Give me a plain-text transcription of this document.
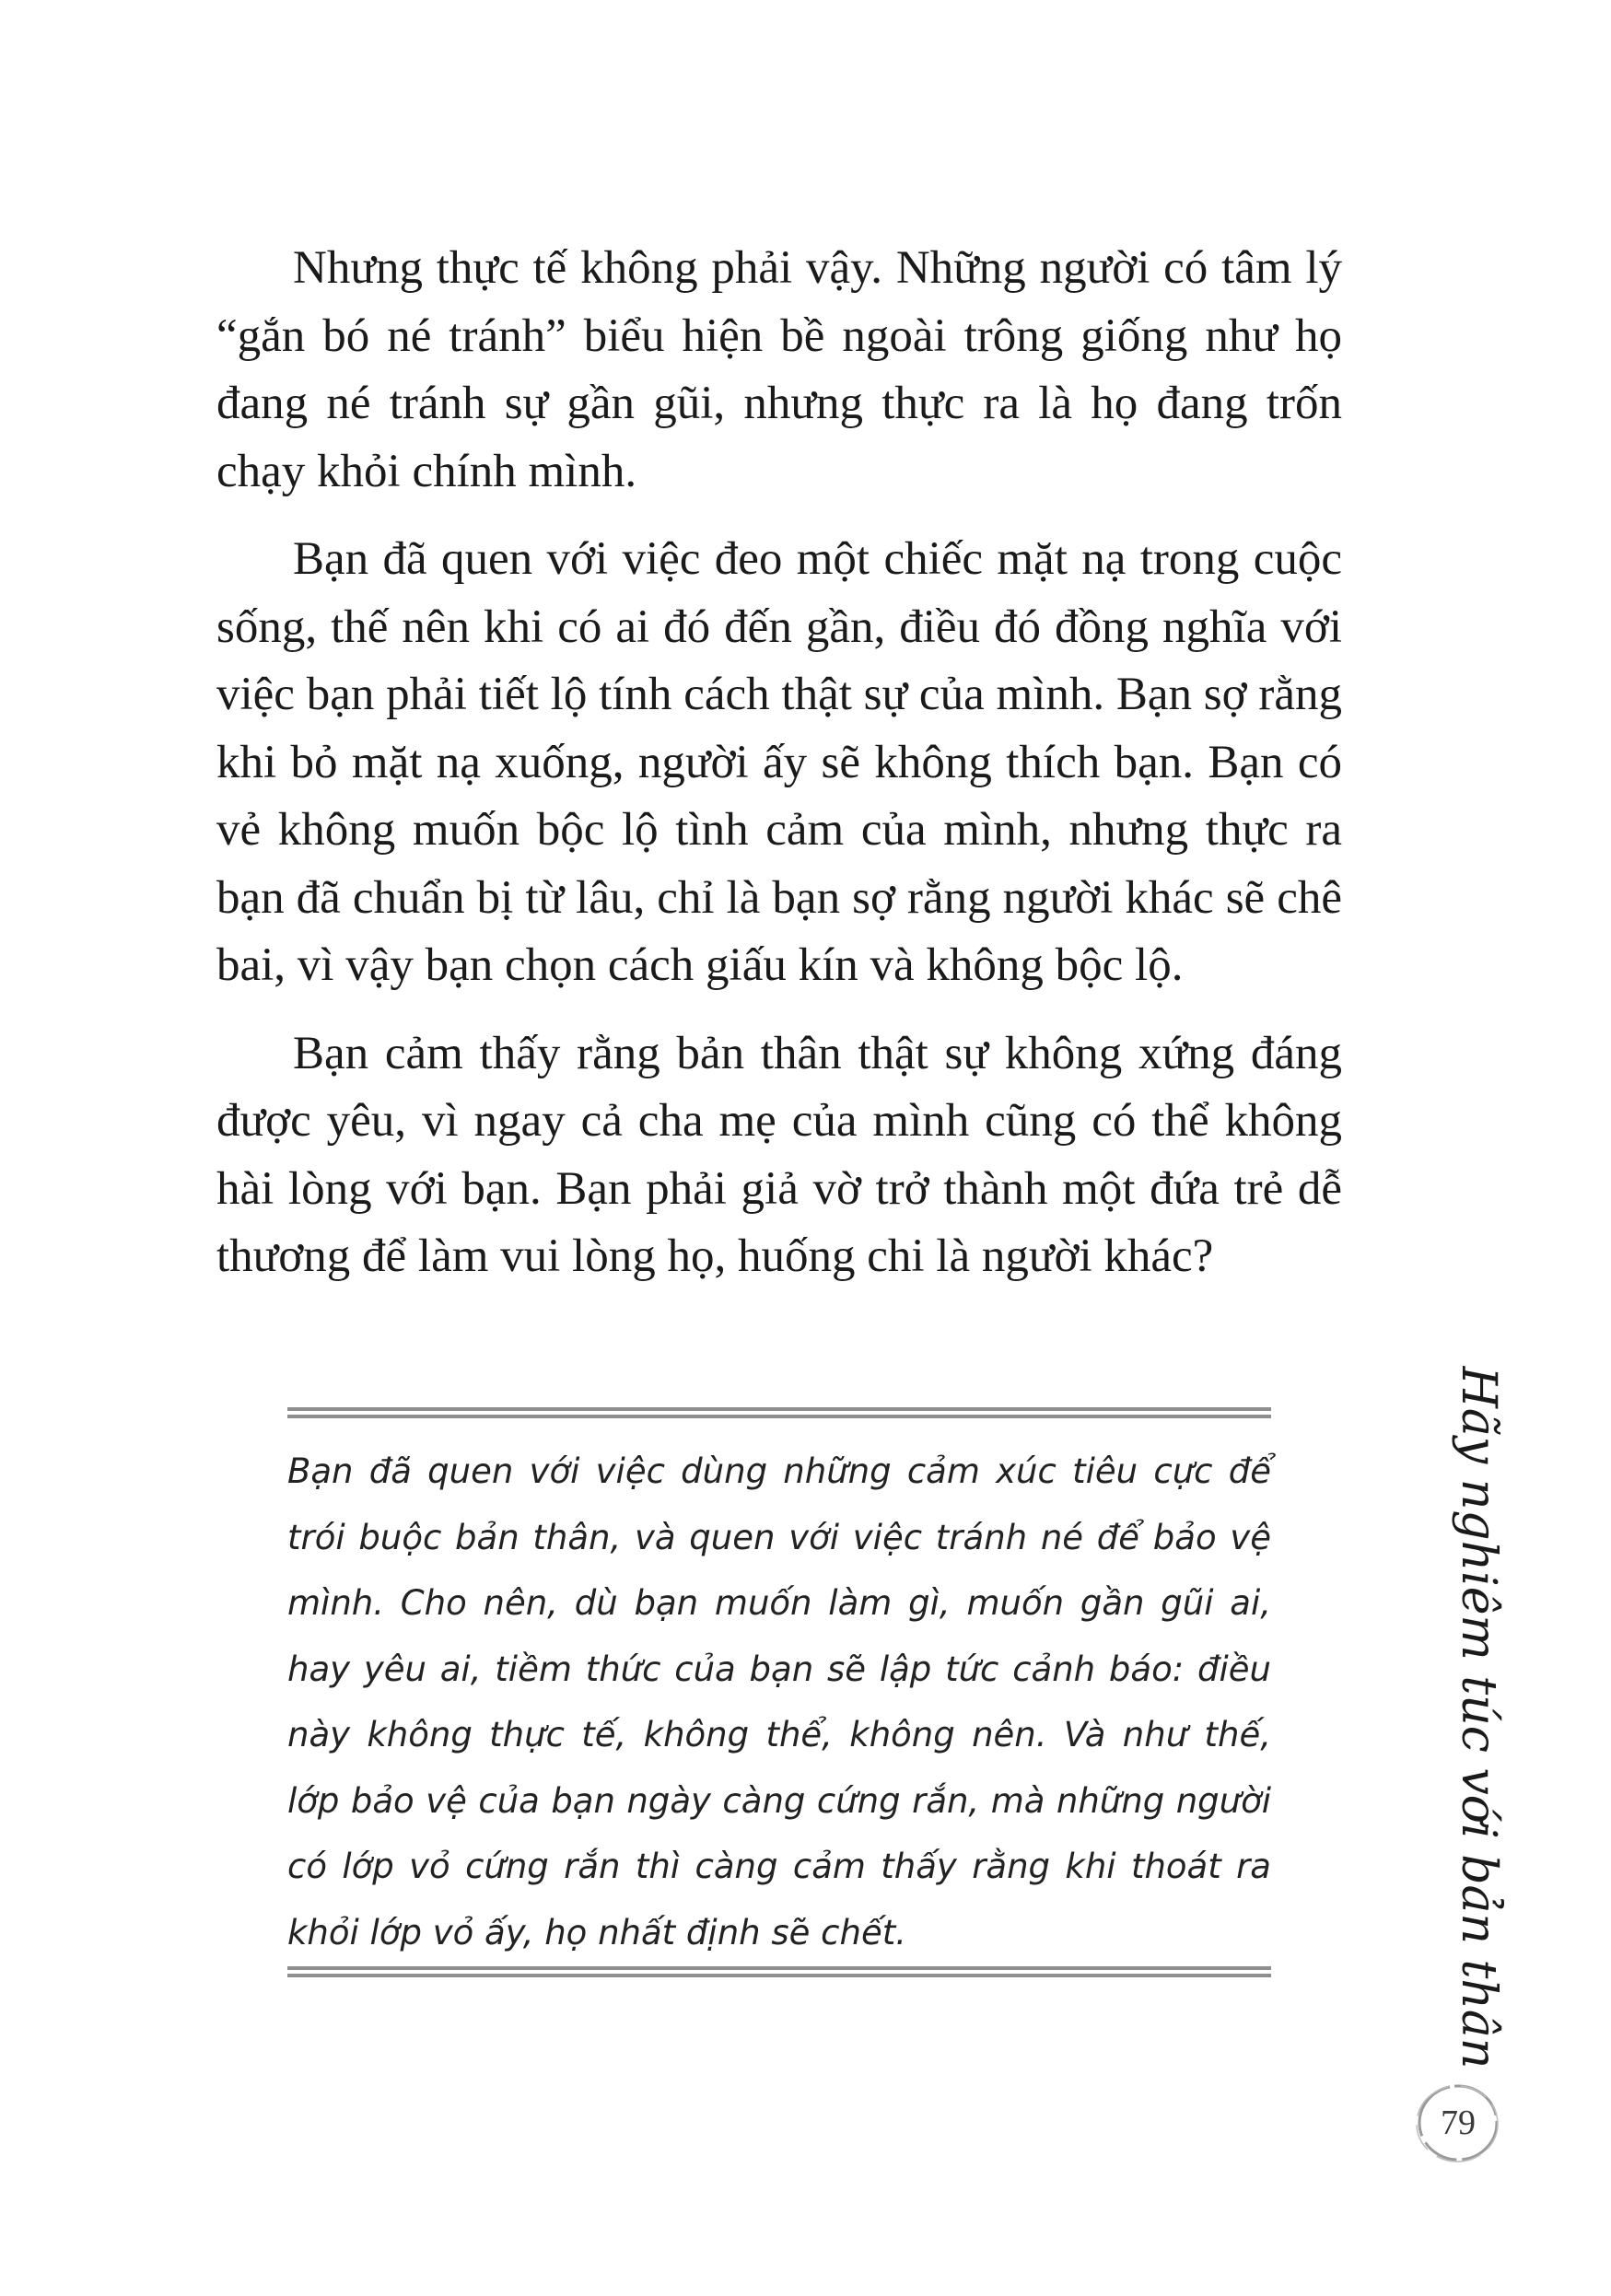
Nhưng thực tế không phải vậy. Những người có tâm lý “gắn bó né tránh” biểu hiện bề ngoài trông giống như họ đang né tránh sự gần gũi, nhưng thực ra là họ đang trốn chạy khỏi chính mình.

Bạn đã quen với việc đeo một chiếc mặt nạ trong cuộc sống, thế nên khi có ai đó đến gần, điều đó đồng nghĩa với việc bạn phải tiết lộ tính cách thật sự của mình. Bạn sợ rằng khi bỏ mặt nạ xuống, người ấy sẽ không thích bạn. Bạn có vẻ không muốn bộc lộ tình cảm của mình, nhưng thực ra bạn đã chuẩn bị từ lâu, chỉ là bạn sợ rằng người khác sẽ chê bai, vì vậy bạn chọn cách giấu kín và không bộc lộ.

Bạn cảm thấy rằng bản thân thật sự không xứng đáng được yêu, vì ngay cả cha mẹ của mình cũng có thể không hài lòng với bạn. Bạn phải giả vờ trở thành một đứa trẻ dễ thương để làm vui lòng họ, huống chi là người khác?

Bạn đã quen với việc dùng những cảm xúc tiêu cực để trói buộc bản thân, và quen với việc tránh né để bảo vệ mình. Cho nên, dù bạn muốn làm gì, muốn gần gũi ai, hay yêu ai, tiềm thức của bạn sẽ lập tức cảnh báo: điều này không thực tế, không thể, không nên. Và như thế, lớp bảo vệ của bạn ngày càng cứng rắn, mà những người có lớp vỏ cứng rắn thì càng cảm thấy rằng khi thoát ra khỏi lớp vỏ ấy, họ nhất định sẽ chết.	Hãy nghiêm túc với bản thân
79
